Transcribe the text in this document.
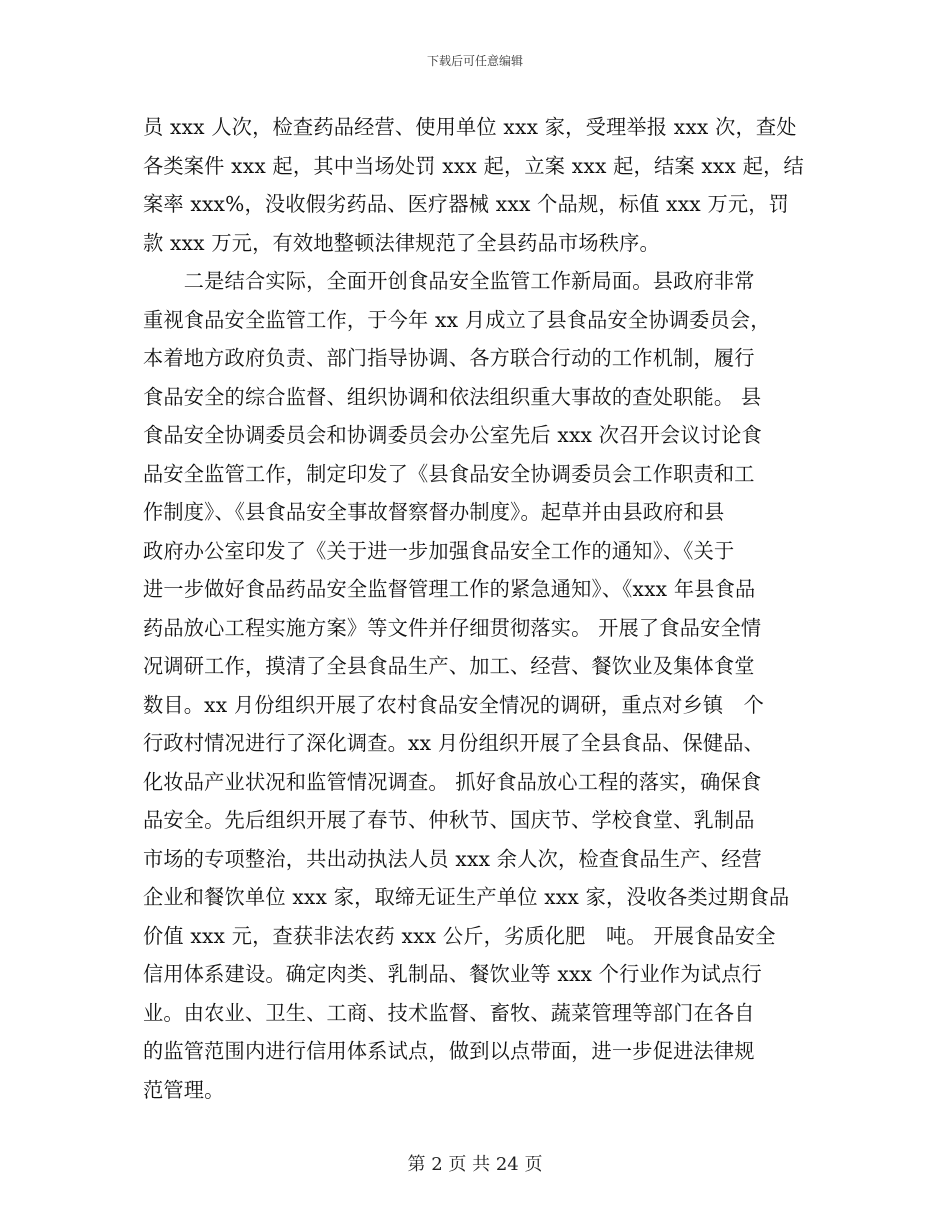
下载后可任意编辑
员 xxx 人次，检查药品经营、使用单位 xxx 家，受理举报 xxx 次，查处
各类案件 xxx 起，其中当场处罚 xxx 起，立案 xxx 起，结案 xxx 起，结
案率 xxx%，没收假劣药品、医疗器械 xxx 个品规，标值 xxx 万元，罚
款 xxx 万元，有效地整顿法律规范了全县药品市场秩序。
　　二是结合实际，全面开创食品安全监管工作新局面。县政府非常
重视食品安全监管工作，于今年 xx 月成立了县食品安全协调委员会，
本着地方政府负责、部门指导协调、各方联合行动的工作机制，履行
食品安全的综合监督、组织协调和依法组织重大事故的查处职能。 县
食品安全协调委员会和协调委员会办公室先后 xxx 次召开会议讨论食
品安全监管工作，制定印发了《县食品安全协调委员会工作职责和工
作制度》、《县食品安全事故督察督办制度》。起草并由县政府和县
政府办公室印发了《关于进一步加强食品安全工作的通知》、《关于
进一步做好食品药品安全监督管理工作的紧急通知》、《xxx 年县食品
药品放心工程实施方案》等文件并仔细贯彻落实。 开展了食品安全情
况调研工作，摸清了全县食品生产、加工、经营、餐饮业及集体食堂
数目。xx 月份组织开展了农村食品安全情况的调研，重点对乡镇　个
行政村情况进行了深化调查。xx 月份组织开展了全县食品、保健品、
化妆品产业状况和监管情况调查。 抓好食品放心工程的落实，确保食
品安全。先后组织开展了春节、仲秋节、国庆节、学校食堂、乳制品
市场的专项整治，共出动执法人员 xxx 余人次，检查食品生产、经营
企业和餐饮单位 xxx 家，取缔无证生产单位 xxx 家，没收各类过期食品
价值 xxx 元，查获非法农药 xxx 公斤，劣质化肥　吨。 开展食品安全
信用体系建设。确定肉类、乳制品、餐饮业等 xxx 个行业作为试点行
业。由农业、卫生、工商、技术监督、畜牧、蔬菜管理等部门在各自
的监管范围内进行信用体系试点，做到以点带面，进一步促进法律规
范管理。
第 2 页 共 24 页
